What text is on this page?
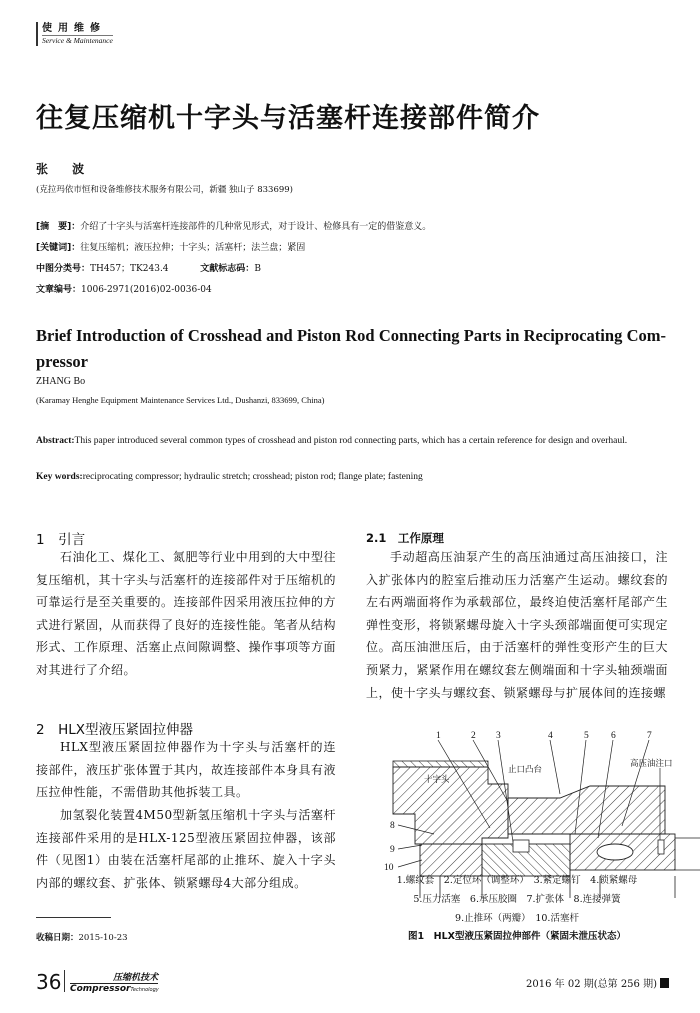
使用维修
Service & Maintenance
往复压缩机十字头与活塞杆连接部件简介
张 波
(克拉玛依市恒和设备维修技术服务有限公司，新疆 独山子 833699)
[摘　要]：介绍了十字头与活塞杆连接部件的几种常见形式，对于设计、检修具有一定的借鉴意义。
[关键词]：往复压缩机；液压拉伸；十字头；活塞杆；法兰盘；紧固
中图分类号：TH457；TK243.4	文献标志码：B
文章编号：1006-2971(2016)02-0036-04
Brief Introduction of Crosshead and Piston Rod Connecting Parts in Reciprocating Com-pressor
ZHANG Bo
(Karamay Henghe Equipment Maintenance Services Ltd., Dushanzi, 833699, China)
Abstract:This paper introduced several common types of crosshead and piston rod connecting parts, which has a certain reference for design and overhaul.
Key words:reciprocating compressor; hydraulic stretch; crosshead; piston rod; flange plate; fastening
1　引言
石油化工、煤化工、氮肥等行业中用到的大中型往复压缩机，其十字头与活塞杆的连接部件对于压缩机的可靠运行是至关重要的。连接部件因采用液压拉伸的方式进行紧固，从而获得了良好的连接性能。笔者从结构形式、工作原理、活塞止点间隙调整、操作事项等方面对其进行了介绍。
2　HLX型液压紧固拉伸器
HLX型液压紧固拉伸器作为十字头与活塞杆的连接部件，液压扩张体置于其内，故连接部件本身具有液压拉伸性能，不需借助其他拆装工具。
加氢裂化装置4M50型新氢压缩机十字头与活塞杆连接部件采用的是HLX-125型液压紧固拉伸器，该部件（见图1）由装在活塞杆尾部的止推环、旋入十字头内部的螺纹套、扩张体、锁紧螺母4大部分组成。
收稿日期：2015-10-23
2.1　工作原理
手动超高压油泵产生的高压油通过高压油接口，注入扩张体内的腔室后推动压力活塞产生运动。螺纹套的左右两端面将作为承载部位，最终迫使活塞杆尾部产生弹性变形，将锁紧螺母旋入十字头颈部端面便可实现定位。高压油泄压后，由于活塞杆的弹性变形产生的巨大预紧力，紧紧作用在螺纹套左侧端面和十字头轴颈端面上，使十字头与螺纹套、锁紧螺母与扩展体间的连接螺
1	2 3	4	5 6	7
8
9
10
十字头
止口凸台
高压油注口
1.螺纹套　2.定位环（调整环）　3.紧定螺钉　4.锁紧螺母
5.压力活塞　6.承压胶圈　7.扩张体　8.连接弹簧
9.止推环（两瓣）　10.活塞杆
图1　HLX型液压紧固拉伸部件（紧固未泄压状态）
36	压缩机技术
CompressorTechnology	2016 年 02 期(总第 256 期)
